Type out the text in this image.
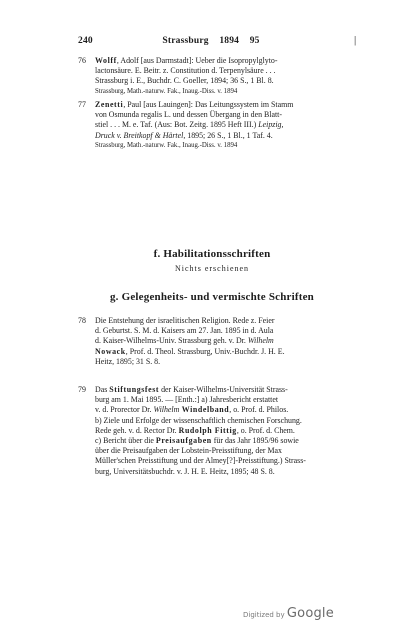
240	Strassburg 1894 95	|
76 Wolff, Adolf [aus Darmstadt]: Ueber die Isopropylglyto-
lactonsäure. E. Beitr. z. Constitution d. Terpenylsäure . . .
Strassburg i. E., Buchdr. C. Goeller, 1894; 36 S., 1 Bl. 8.
Strassburg, Math.-naturw. Fak., Inaug.-Diss. v. 1894
77 Zenetti, Paul [aus Lauingen]: Das Leitungssystem im Stamm
von Osmunda regalis L. und dessen Übergang in den Blatt-
stiel . . . M. e. Taf. (Aus: Bot. Zeitg. 1895 Heft III.) Leipzig,
Druck v. Breitkopf & Härtel, 1895; 26 S., 1 Bl., 1 Taf. 4.
Strassburg, Math.-naturw. Fak., Inaug.-Diss. v. 1894
f. Habilitationsschriften
Nichts erschienen
g. Gelegenheits- und vermischte Schriften
78 Die Entstehung der israelitischen Religion. Rede z. Feier
d. Geburtst. S. M. d. Kaisers am 27. Jan. 1895 in d. Aula
d. Kaiser-Wilhelms-Univ. Strassburg geh. v. Dr. Wilhelm
Nowack, Prof. d. Theol. Strassburg, Univ.-Buchdr. J. H. E.
Heitz, 1895; 31 S. 8.
79 Das Stiftungsfest der Kaiser-Wilhelms-Universität Strass-
burg am 1. Mai 1895. — [Enth.:] a) Jahresbericht erstattet
v. d. Prorector Dr. Wilhelm Windelband, o. Prof. d. Philos.
b) Ziele und Erfolge der wissenschaftlich chemischen Forschung.
Rede geh. v. d. Rector Dr. Rudolph Fittig, o. Prof. d. Chem.
c) Bericht über die Preisaufgaben für das Jahr 1895/96 sowie
über die Preisaufgaben der Lobstein-Preisstiftung, der Max
Müller'schen Preisstiftung und der Almey[?]-Preisstiftung.) Strass-
burg, Universitätsbuchdr. v. J. H. E. Heitz, 1895; 48 S. 8.
Digitized by Google
